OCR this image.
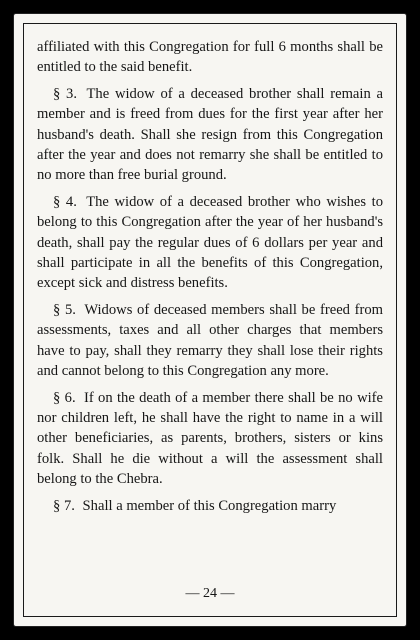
affiliated with this Congregation for full 6 months shall be entitled to the said benefit.

§ 3. The widow of a deceased brother shall remain a member and is freed from dues for the first year after her husband's death. Shall she resign from this Congregation after the year and does not remarry she shall be entitled to no more than free burial ground.

§ 4. The widow of a deceased brother who wishes to belong to this Congregation after the year of her husband's death, shall pay the regular dues of 6 dollars per year and shall participate in all the benefits of this Congregation, except sick and distress benefits.

§ 5. Widows of deceased members shall be freed from assessments, taxes and all other charges that members have to pay, shall they remarry they shall lose their rights and cannot belong to this Congregation any more.

§ 6. If on the death of a member there shall be no wife nor children left, he shall have the right to name in a will other beneficiaries, as parents, brothers, sisters or kins folk. Shall he die without a will the assessment shall belong to the Chebra.

§ 7. Shall a member of this Congregation marry

— 24 —
